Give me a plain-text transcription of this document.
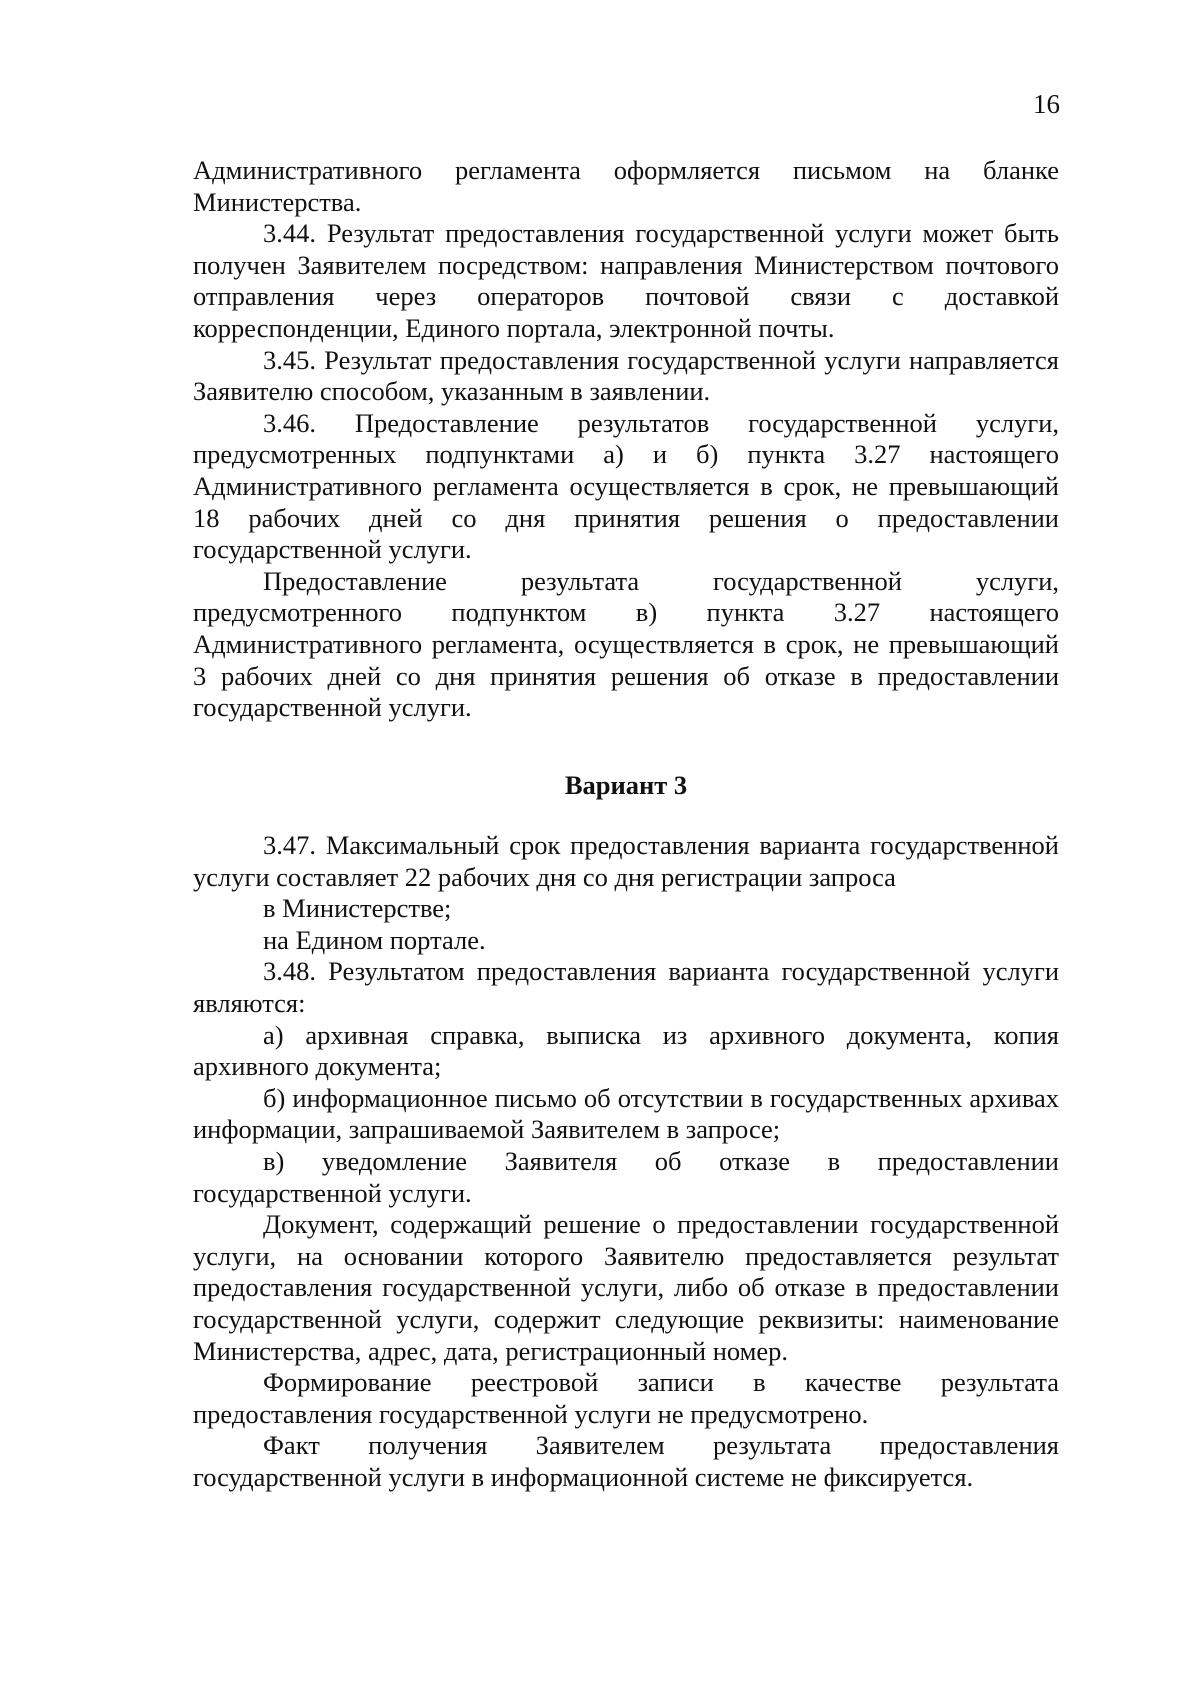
16

Административного регламента оформляется письмом на бланке Министерства.

3.44. Результат предоставления государственной услуги может быть получен Заявителем посредством: направления Министерством почтового отправления через операторов почтовой связи с доставкой корреспонденции, Единого портала, электронной почты.

3.45. Результат предоставления государственной услуги направляется Заявителю способом, указанным в заявлении.

3.46. Предоставление результатов государственной услуги, предусмотренных подпунктами а) и б) пункта 3.27 настоящего Административного регламента осуществляется в срок, не превышающий 18 рабочих дней со дня принятия решения о предоставлении государственной услуги.

Предоставление результата государственной услуги, предусмотренного подпунктом в) пункта 3.27 настоящего Административного регламента, осуществляется в срок, не превышающий 3 рабочих дней со дня принятия решения об отказе в предоставлении государственной услуги.

Вариант 3

3.47. Максимальный срок предоставления варианта государственной услуги составляет 22 рабочих дня со дня регистрации запроса

в Министерстве;

на Едином портале.

3.48. Результатом предоставления варианта государственной услуги являются:

а) архивная справка, выписка из архивного документа, копия архивного документа;

б) информационное письмо об отсутствии в государственных архивах информации, запрашиваемой Заявителем в запросе;

в) уведомление Заявителя об отказе в предоставлении государственной услуги.

Документ, содержащий решение о предоставлении государственной услуги, на основании которого Заявителю предоставляется результат предоставления государственной услуги, либо об отказе в предоставлении государственной услуги, содержит следующие реквизиты: наименование Министерства, адрес, дата, регистрационный номер.

Формирование реестровой записи в качестве результата предоставления государственной услуги не предусмотрено.

Факт получения Заявителем результата предоставления государственной услуги в информационной системе не фиксируется.
